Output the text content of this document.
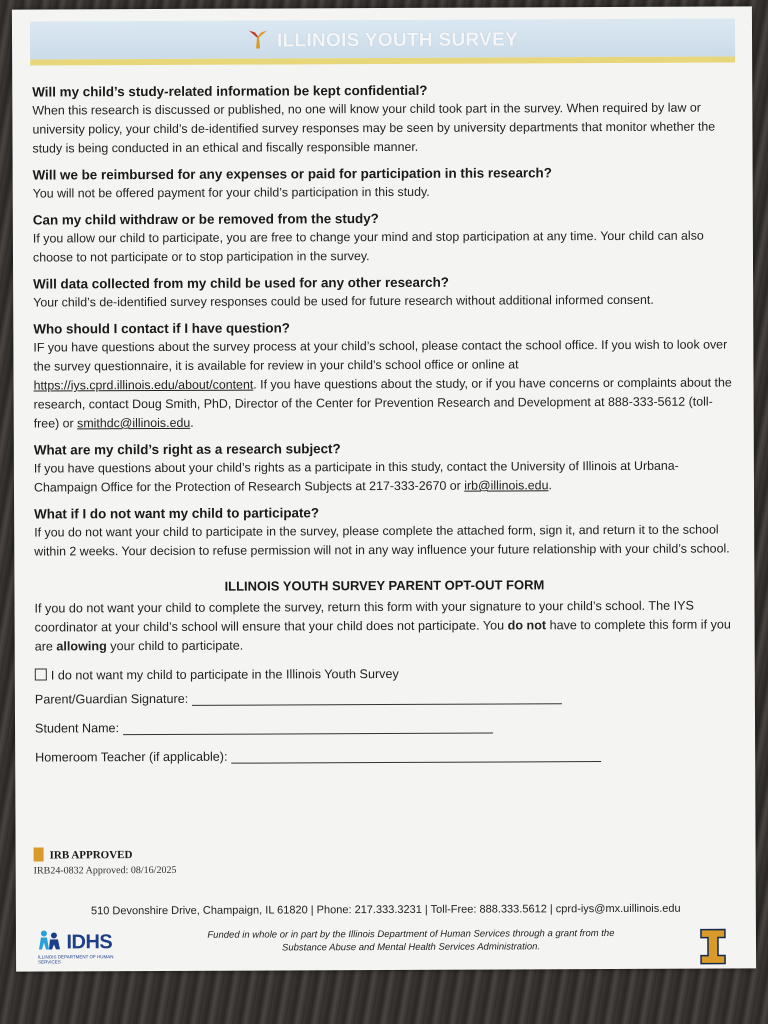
ILLINOIS YOUTH SURVEY
Will my child’s study-related information be kept confidential?
When this research is discussed or published, no one will know your child took part in the survey. When required by law or university policy, your child’s de-identified survey responses may be seen by university departments that monitor whether the study is being conducted in an ethical and fiscally responsible manner.
Will we be reimbursed for any expenses or paid for participation in this research?
You will not be offered payment for your child’s participation in this study.
Can my child withdraw or be removed from the study?
If you allow our child to participate, you are free to change your mind and stop participation at any time. Your child can also choose to not participate or to stop participation in the survey.
Will data collected from my child be used for any other research?
Your child’s de-identified survey responses could be used for future research without additional informed consent.
Who should I contact if I have question?
IF you have questions about the survey process at your child’s school, please contact the school office. If you wish to look over the survey questionnaire, it is available for review in your child’s school office or online at https://iys.cprd.illinois.edu/about/content. If you have questions about the study, or if you have concerns or complaints about the research, contact Doug Smith, PhD, Director of the Center for Prevention Research and Development at 888-333-5612 (toll-free) or smithdc@illinois.edu.
What are my child’s right as a research subject?
If you have questions about your child’s rights as a participate in this study, contact the University of Illinois at Urbana-Champaign Office for the Protection of Research Subjects at 217-333-2670 or irb@illinois.edu.
What if I do not want my child to participate?
If you do not want your child to participate in the survey, please complete the attached form, sign it, and return it to the school within 2 weeks. Your decision to refuse permission will not in any way influence your future relationship with your child’s school.
ILLINOIS YOUTH SURVEY PARENT OPT-OUT FORM
If you do not want your child to complete the survey, return this form with your signature to your child’s school. The IYS coordinator at your child’s school will ensure that your child does not participate. You do not have to complete this form if you are allowing your child to participate.
I do not want my child to participate in the Illinois Youth Survey
Parent/Guardian Signature:
Student Name:
Homeroom Teacher (if applicable):
IRB APPROVED
IRB24-0832 Approved: 08/16/2025
510 Devonshire Drive, Champaign, IL 61820 | Phone: 217.333.3231 | Toll-Free: 888.333.5612 | cprd-iys@mx.uillinois.edu
IDHS
ILLINOIS DEPARTMENT OF HUMAN SERVICES
Funded in whole or in part by the Illinois Department of Human Services through a grant from the
Substance Abuse and Mental Health Services Administration.
